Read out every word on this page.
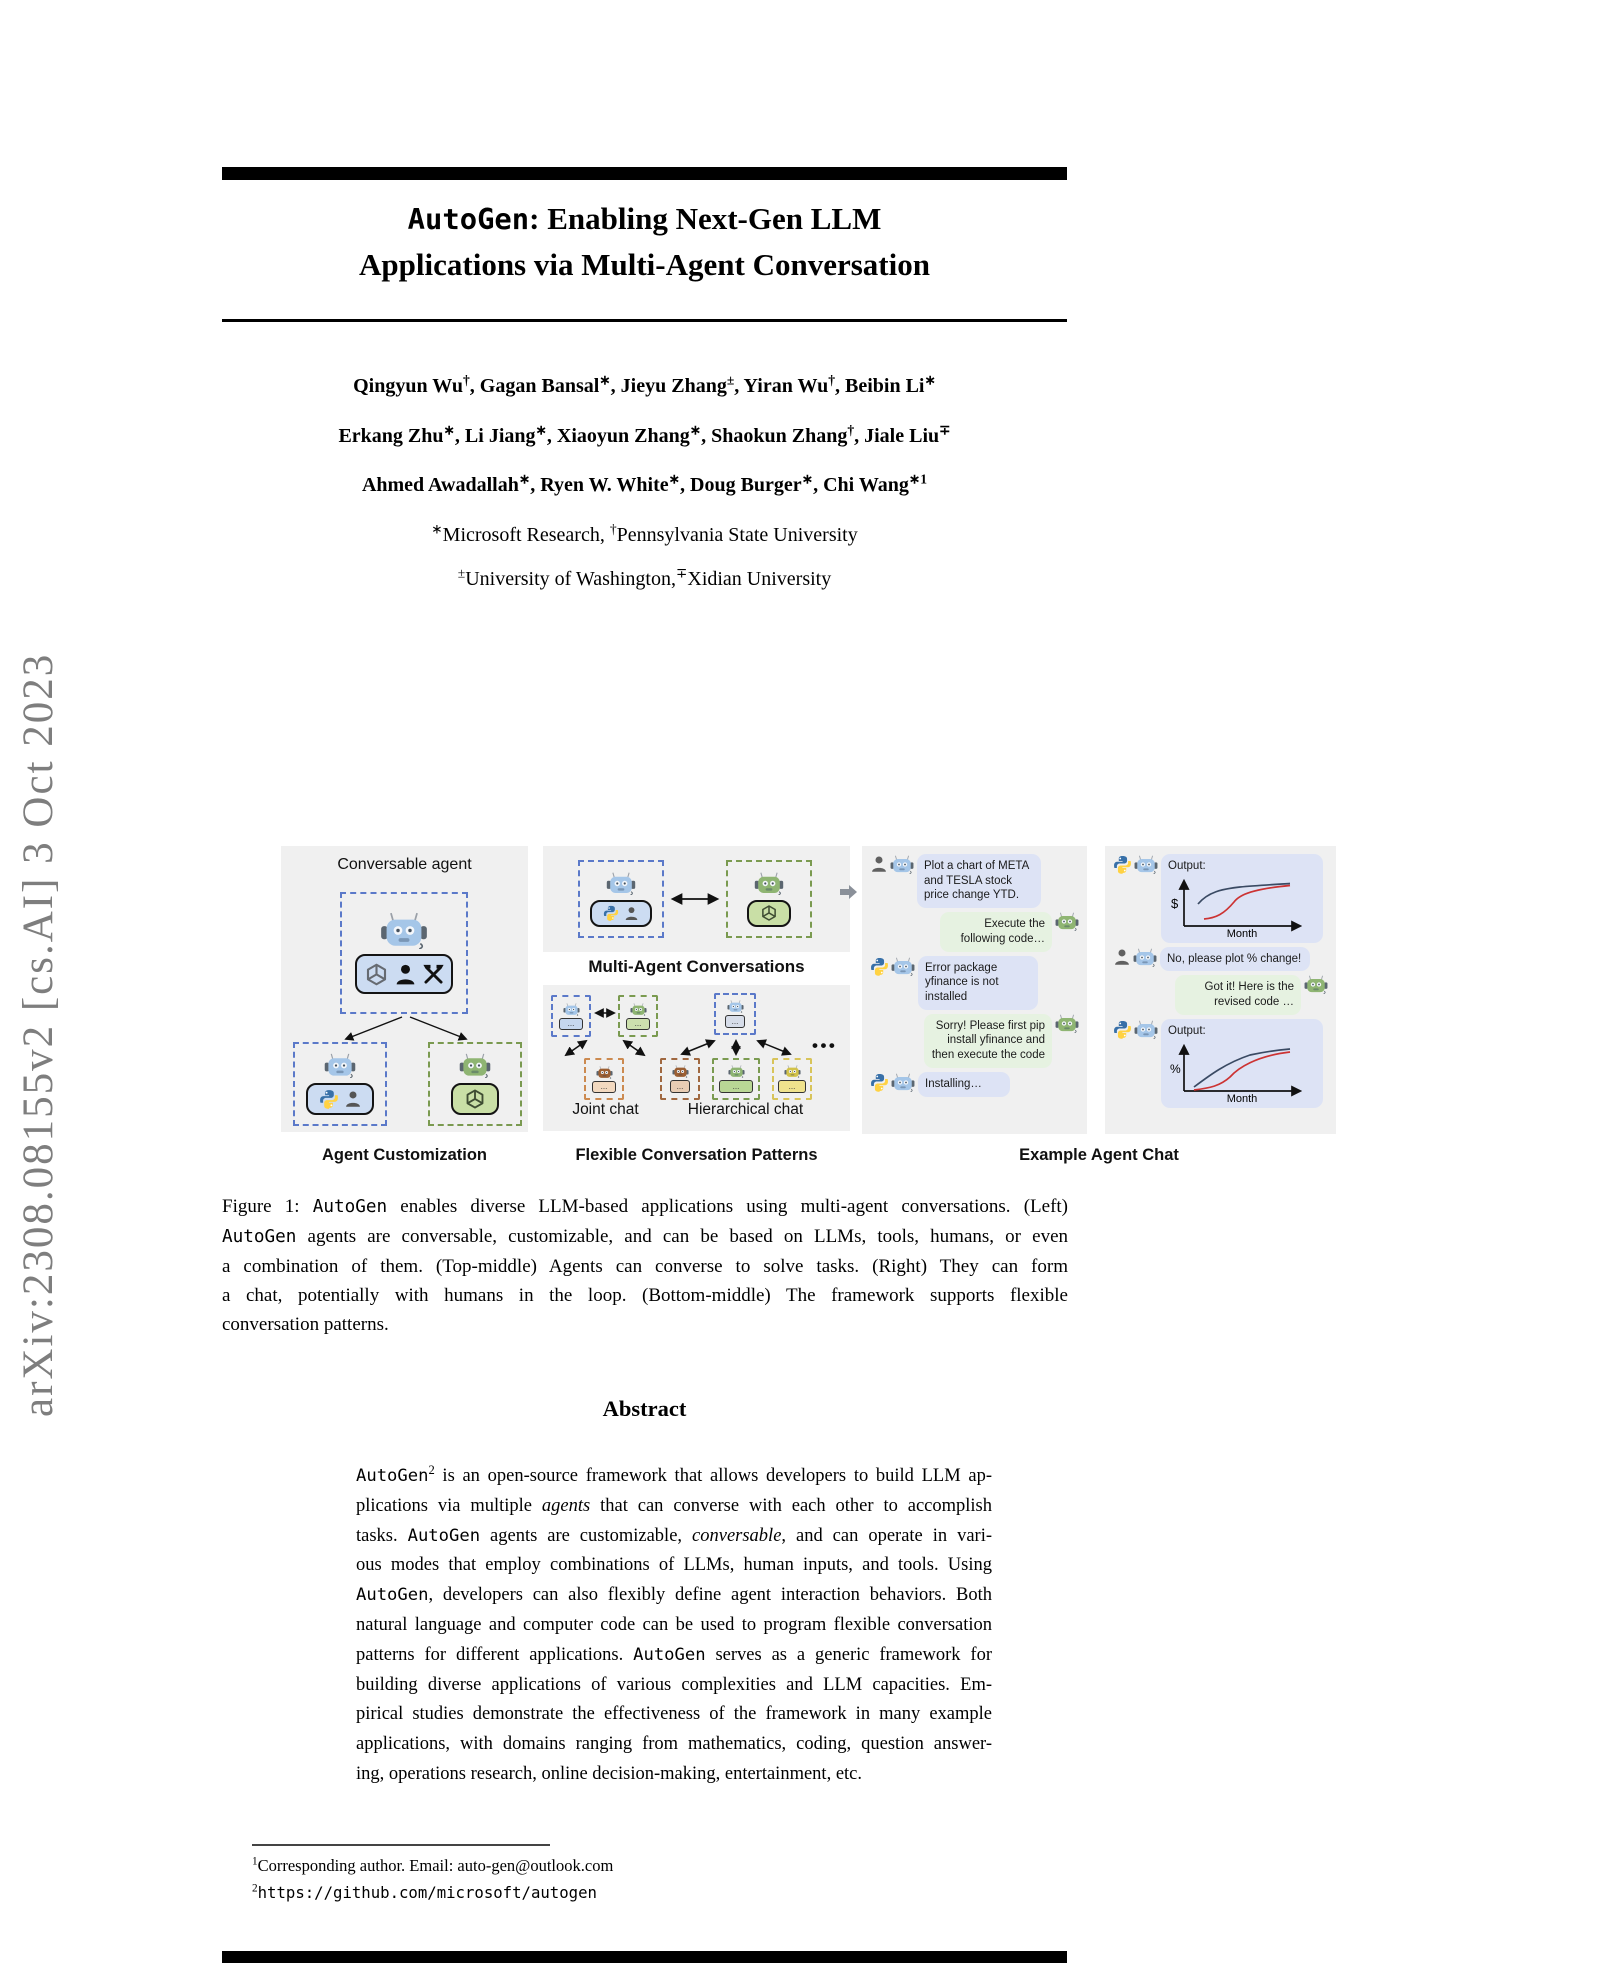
arXiv:2308.08155v2 [cs.AI] 3 Oct 2023
AutoGen: Enabling Next-Gen LLM
Applications via Multi-Agent Conversation
Qingyun Wu†, Gagan Bansal∗, Jieyu Zhang±, Yiran Wu†, Beibin Li∗
Erkang Zhu∗, Li Jiang∗, Xiaoyun Zhang∗, Shaokun Zhang†, Jiale Liu∓
Ahmed Awadallah∗, Ryen W. White∗, Doug Burger∗, Chi Wang$^{∗1}$
∗Microsoft Research, †Pennsylvania State University
±University of Washington,∓Xidian University
Conversable agent
Agent Customization
Multi-Agent Conversations
...	...
...
Joint chat
...
...	...	...
•••
Hierarchical chat
Flexible Conversation Patterns
Plot a chart of META and TESLA stock price change YTD.
Execute the following code…
Error package yfinance is not installed
Sorry! Please first pip install yfinance and then execute the code
Installing…
Output:
$
Month
No, please plot % change!
Got it! Here is the revised code …
Output:
%
Month
Example Agent Chat
Figure 1: AutoGen enables diverse LLM-based applications using multi-agent conversations. (Left)
AutoGen agents are conversable, customizable, and can be based on LLMs, tools, humans, or even
a combination of them. (Top-middle) Agents can converse to solve tasks. (Right) They can form
a chat, potentially with humans in the loop. (Bottom-middle) The framework supports flexible
conversation patterns.
Abstract
AutoGen$^2$ is an open-source framework that allows developers to build LLM ap-
plications via multiple agents that can converse with each other to accomplish
tasks. AutoGen agents are customizable, conversable, and can operate in vari-
ous modes that employ combinations of LLMs, human inputs, and tools. Using
AutoGen, developers can also flexibly define agent interaction behaviors. Both
natural language and computer code can be used to program flexible conversation
patterns for different applications. AutoGen serves as a generic framework for
building diverse applications of various complexities and LLM capacities. Em-
pirical studies demonstrate the effectiveness of the framework in many example
applications, with domains ranging from mathematics, coding, question answer-
ing, operations research, online decision-making, entertainment, etc.
$^1$Corresponding author. Email: auto-gen@outlook.com
$^2$https://github.com/microsoft/autogen
